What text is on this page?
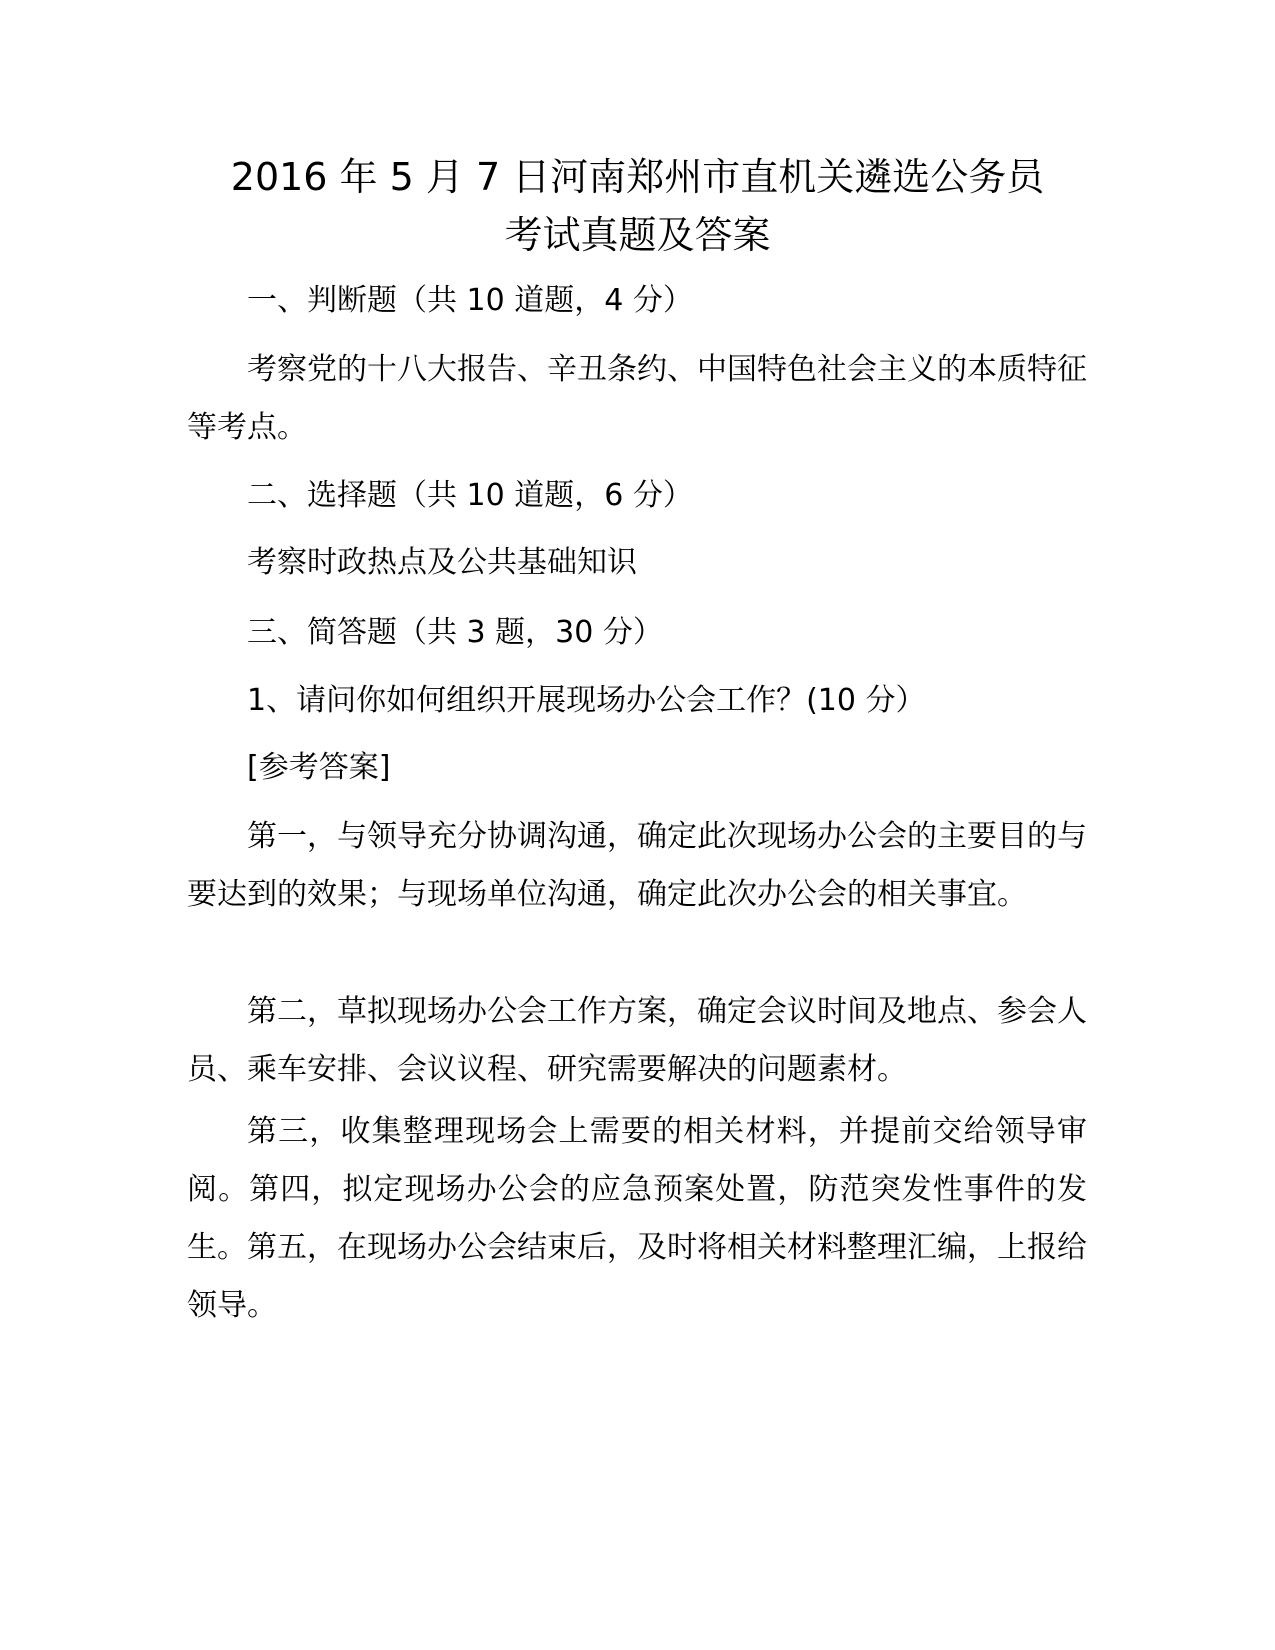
2016 年 5 月 7 日河南郑州市直机关遴选公务员
考试真题及答案

一、判断题（共 10 道题，4 分）

考察党的十八大报告、辛丑条约、中国特色社会主义的本质特征等考点。

二、选择题（共 10 道题，6 分）

考察时政热点及公共基础知识

三、简答题（共 3 题，30 分）

1、请问你如何组织开展现场办公会工作？(10 分）

[参考答案]

第一，与领导充分协调沟通，确定此次现场办公会的主要目的与要达到的效果；与现场单位沟通，确定此次办公会的相关事宜。

第二，草拟现场办公会工作方案，确定会议时间及地点、参会人员、乘车安排、会议议程、研究需要解决的问题素材。

第三，收集整理现场会上需要的相关材料，并提前交给领导审阅。第四，拟定现场办公会的应急预案处置，防范突发性事件的发生。第五，在现场办公会结束后，及时将相关材料整理汇编，上报给领导。
